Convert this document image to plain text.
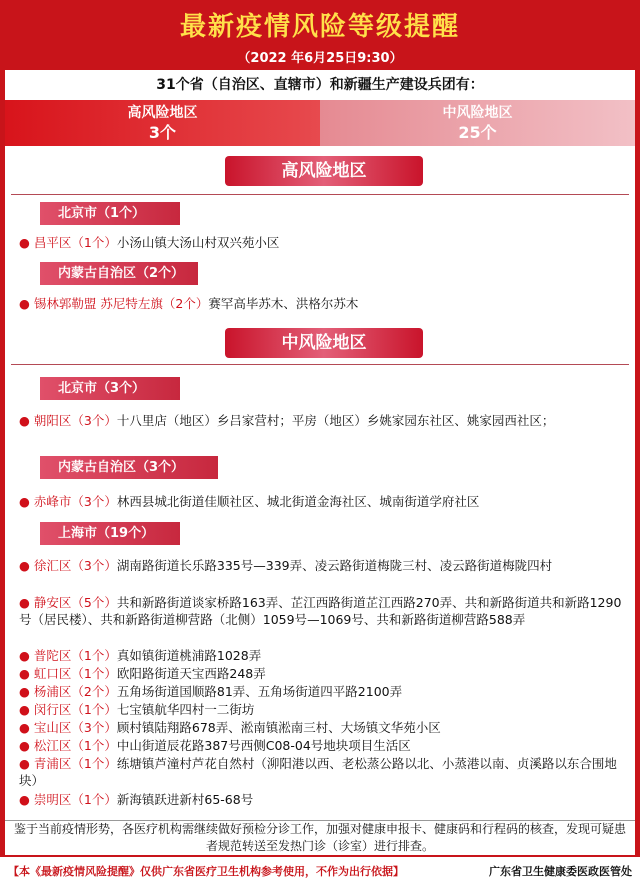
最新疫情风险等级提醒
（2022 年6月25日9:30）
31个省（自治区、直辖市）和新疆生产建设兵团有：
高风险地区
3个
中风险地区
25个
高风险地区
北京市（1个）
● 昌平区（1个）小汤山镇大汤山村双兴苑小区
内蒙古自治区（2个）
● 锡林郭勒盟 苏尼特左旗（2个）赛罕高毕苏木、洪格尔苏木
中风险地区
北京市（3个）
● 朝阳区（3个）十八里店（地区）乡吕家营村；平房（地区）乡姚家园东社区、姚家园西社区；
内蒙古自治区（3个）
● 赤峰市（3个）林西县城北街道佳顺社区、城北街道金海社区、城南街道学府社区
上海市（19个）
● 徐汇区（3个）湖南路街道长乐路335号—339弄、凌云路街道梅陇三村、凌云路街道梅陇四村
● 静安区（5个）共和新路街道谈家桥路163弄、芷江西路街道芷江西路270弄、共和新路街道共和新路1290号（居民楼）、共和新路街道柳营路（北侧）1059号—1069号、共和新路街道柳营路588弄
● 普陀区（1个）真如镇街道桃浦路1028弄
● 虹口区（1个）欧阳路街道天宝西路248弄
● 杨浦区（2个）五角场街道国顺路81弄、五角场街道四平路2100弄
● 闵行区（1个）七宝镇航华四村一二街坊
● 宝山区（3个）顾村镇陆翔路678弄、淞南镇淞南三村、大场镇文华苑小区
● 松江区（1个）中山街道辰花路387号西侧C08-04号地块项目生活区
● 青浦区（1个）练塘镇芦潼村芦花自然村（泖阳港以西、老松蒸公路以北、小蒸港以南、贞溪路以东合围地块）
● 崇明区（1个）新海镇跃进新村65-68号
鉴于当前疫情形势，各医疗机构需继续做好预检分诊工作，加强对健康申报卡、健康码和行程码的核查，发现可疑患者规范转送至发热门诊（诊室）进行排查。
【本《最新疫情风险提醒》仅供广东省医疗卫生机构参考使用，不作为出行依据】	广东省卫生健康委医政医管处
